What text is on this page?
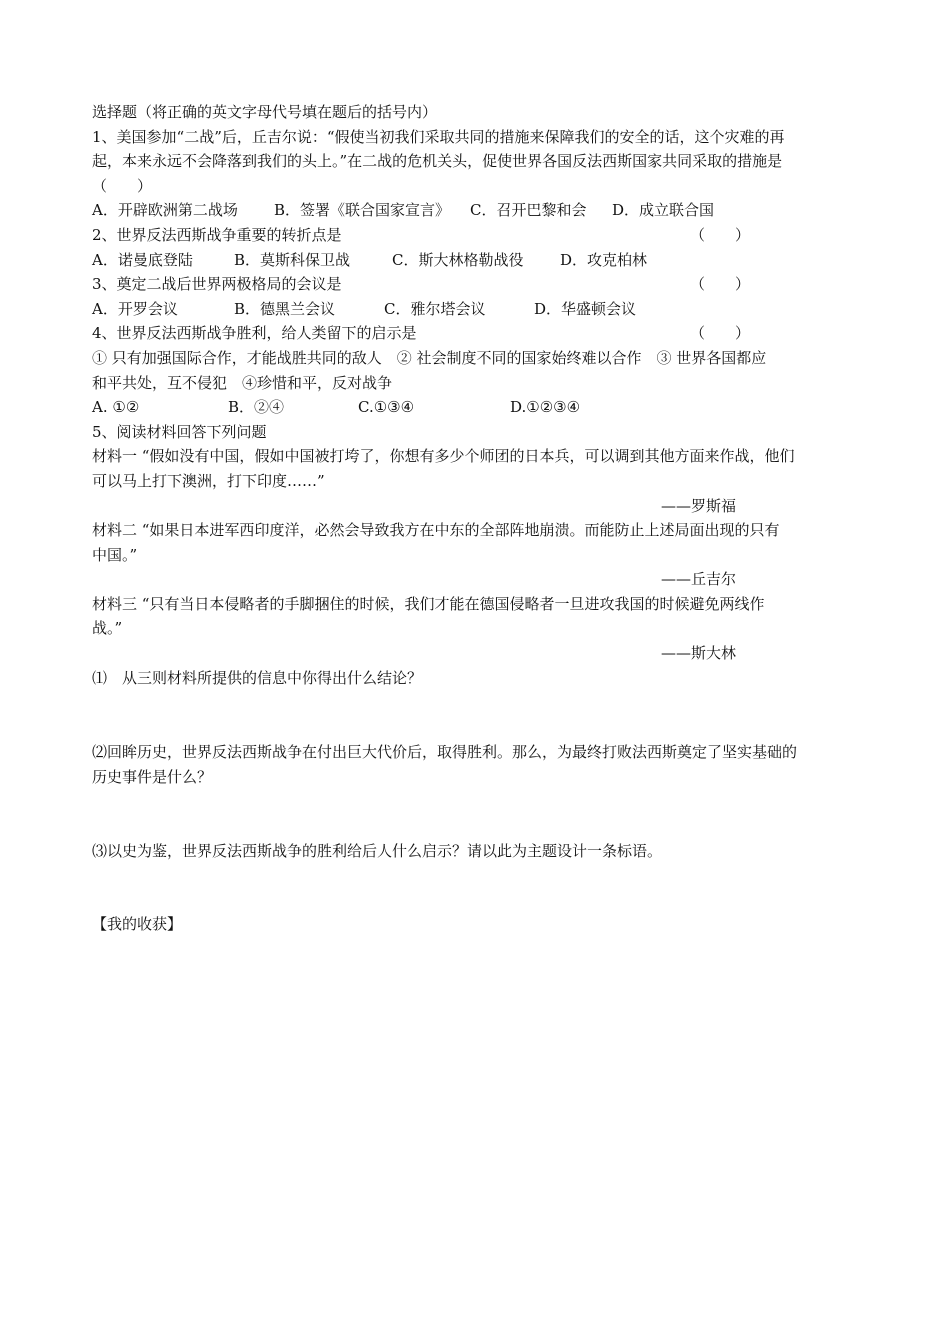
选择题（将正确的英文字母代号填在题后的括号内）
1、美国参加“二战”后，丘吉尔说：“假使当初我们采取共同的措施来保障我们的安全的话，这个灾难的再
起，本来永远不会降落到我们的头上。”在二战的危机关头，促使世界各国反法西斯国家共同采取的措施是
（　　）
A．开辟欧洲第二战场	B．签署《联合国家宣言》	C．召开巴黎和会	D．成立联合国
2、世界反法西斯战争重要的转折点是	（　　）
A．诺曼底登陆	B．莫斯科保卫战	C．斯大林格勒战役	D．攻克柏林
3、奠定二战后世界两极格局的会议是	（　　）
A．开罗会议	B．德黑兰会议	C．雅尔塔会议	D．华盛顿会议
4、世界反法西斯战争胜利，给人类留下的启示是	（　　）
① 只有加强国际合作，才能战胜共同的敌人　② 社会制度不同的国家始终难以合作　③ 世界各国都应
和平共处，互不侵犯　④珍惜和平，反对战争
A. ①②	B．②④	C.①③④	D.①②③④
5、阅读材料回答下列问题
材料一 “假如没有中国，假如中国被打垮了，你想有多少个师团的日本兵，可以调到其他方面来作战，他们
可以马上打下澳洲，打下印度……”
——罗斯福
材料二 “如果日本进军西印度洋，必然会导致我方在中东的全部阵地崩溃。而能防止上述局面出现的只有
中国。”
——丘吉尔
材料三 “只有当日本侵略者的手脚捆住的时候，我们才能在德国侵略者一旦进攻我国的时候避免两线作
战。”
——斯大林
⑴　从三则材料所提供的信息中你得出什么结论？
⑵回眸历史，世界反法西斯战争在付出巨大代价后，取得胜利。那么，为最终打败法西斯奠定了坚实基础的
历史事件是什么？
⑶以史为鉴，世界反法西斯战争的胜利给后人什么启示？请以此为主题设计一条标语。
【我的收获】
